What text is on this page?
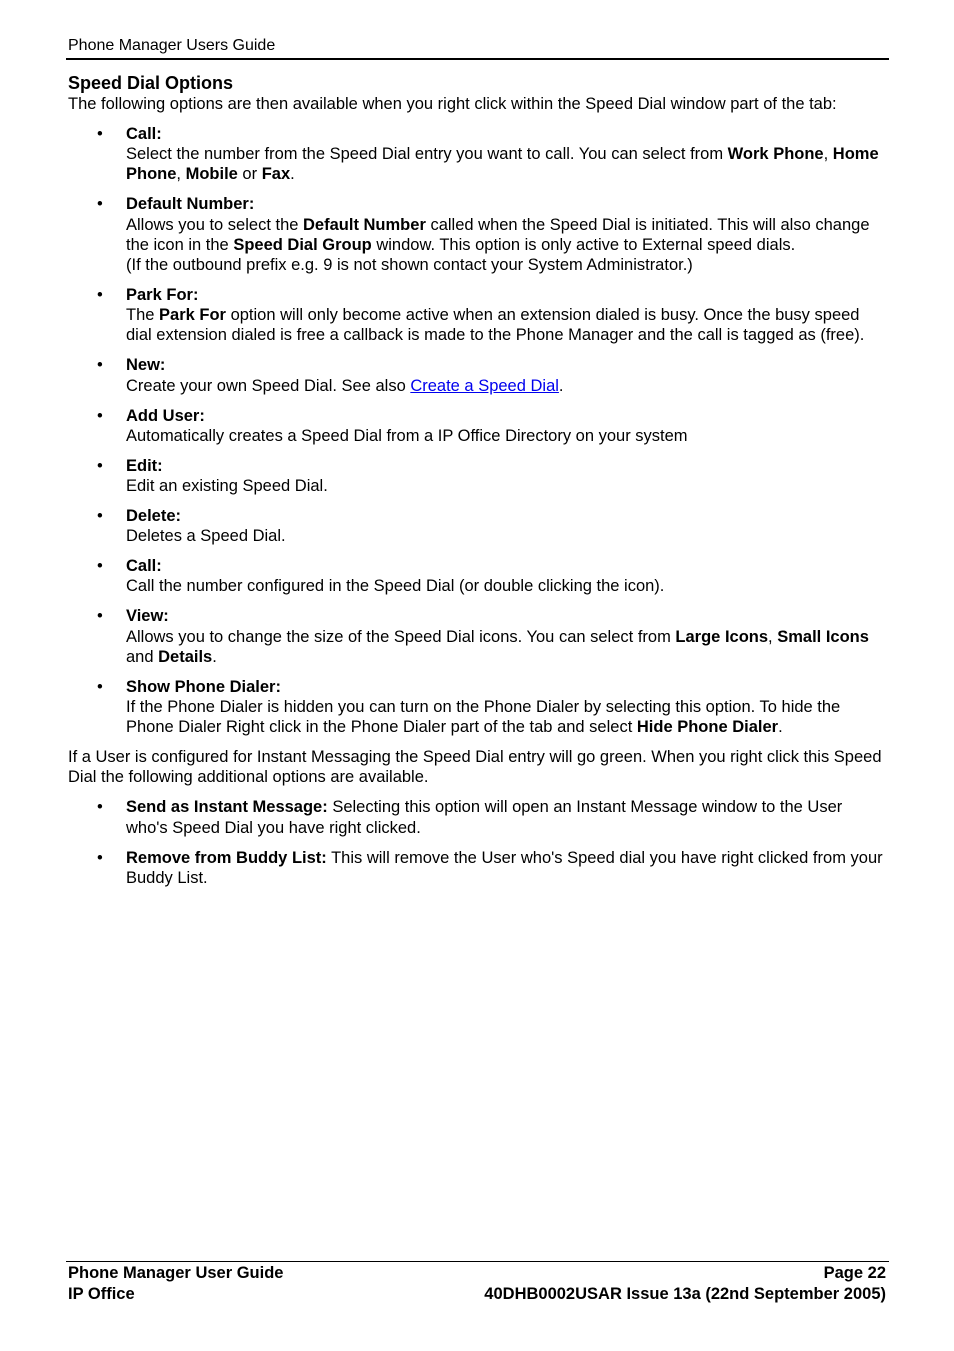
Phone Manager Users Guide
Speed Dial Options

The following options are then available when you right click within the Speed Dial window part of the tab:

• Call:
Select the number from the Speed Dial entry you want to call. You can select from Work Phone, Home Phone, Mobile or Fax.
• Default Number:
Allows you to select the Default Number called when the Speed Dial is initiated. This will also change the icon in the Speed Dial Group window. This option is only active to External speed dials.
(If the outbound prefix e.g. 9 is not shown contact your System Administrator.)
• Park For:
The Park For option will only become active when an extension dialed is busy. Once the busy speed dial extension dialed is free a callback is made to the Phone Manager and the call is tagged as (free).
• New:
Create your own Speed Dial. See also Create a Speed Dial.
• Add User:
Automatically creates a Speed Dial from a IP Office Directory on your system
• Edit:
Edit an existing Speed Dial.
• Delete:
Deletes a Speed Dial.
• Call:
Call the number configured in the Speed Dial (or double clicking the icon).
• View:
Allows you to change the size of the Speed Dial icons. You can select from Large Icons, Small Icons and Details.
• Show Phone Dialer:
If the Phone Dialer is hidden you can turn on the Phone Dialer by selecting this option. To hide the Phone Dialer Right click in the Phone Dialer part of the tab and select Hide Phone Dialer.

If a User is configured for Instant Messaging the Speed Dial entry will go green. When you right click this Speed Dial the following additional options are available.

• Send as Instant Message: Selecting this option will open an Instant Message window to the User who's Speed Dial you have right clicked.
• Remove from Buddy List: This will remove the User who's Speed dial you have right clicked from your Buddy List.
Phone Manager User Guide	Page 22
IP Office	40DHB0002USAR Issue 13a (22nd September 2005)
